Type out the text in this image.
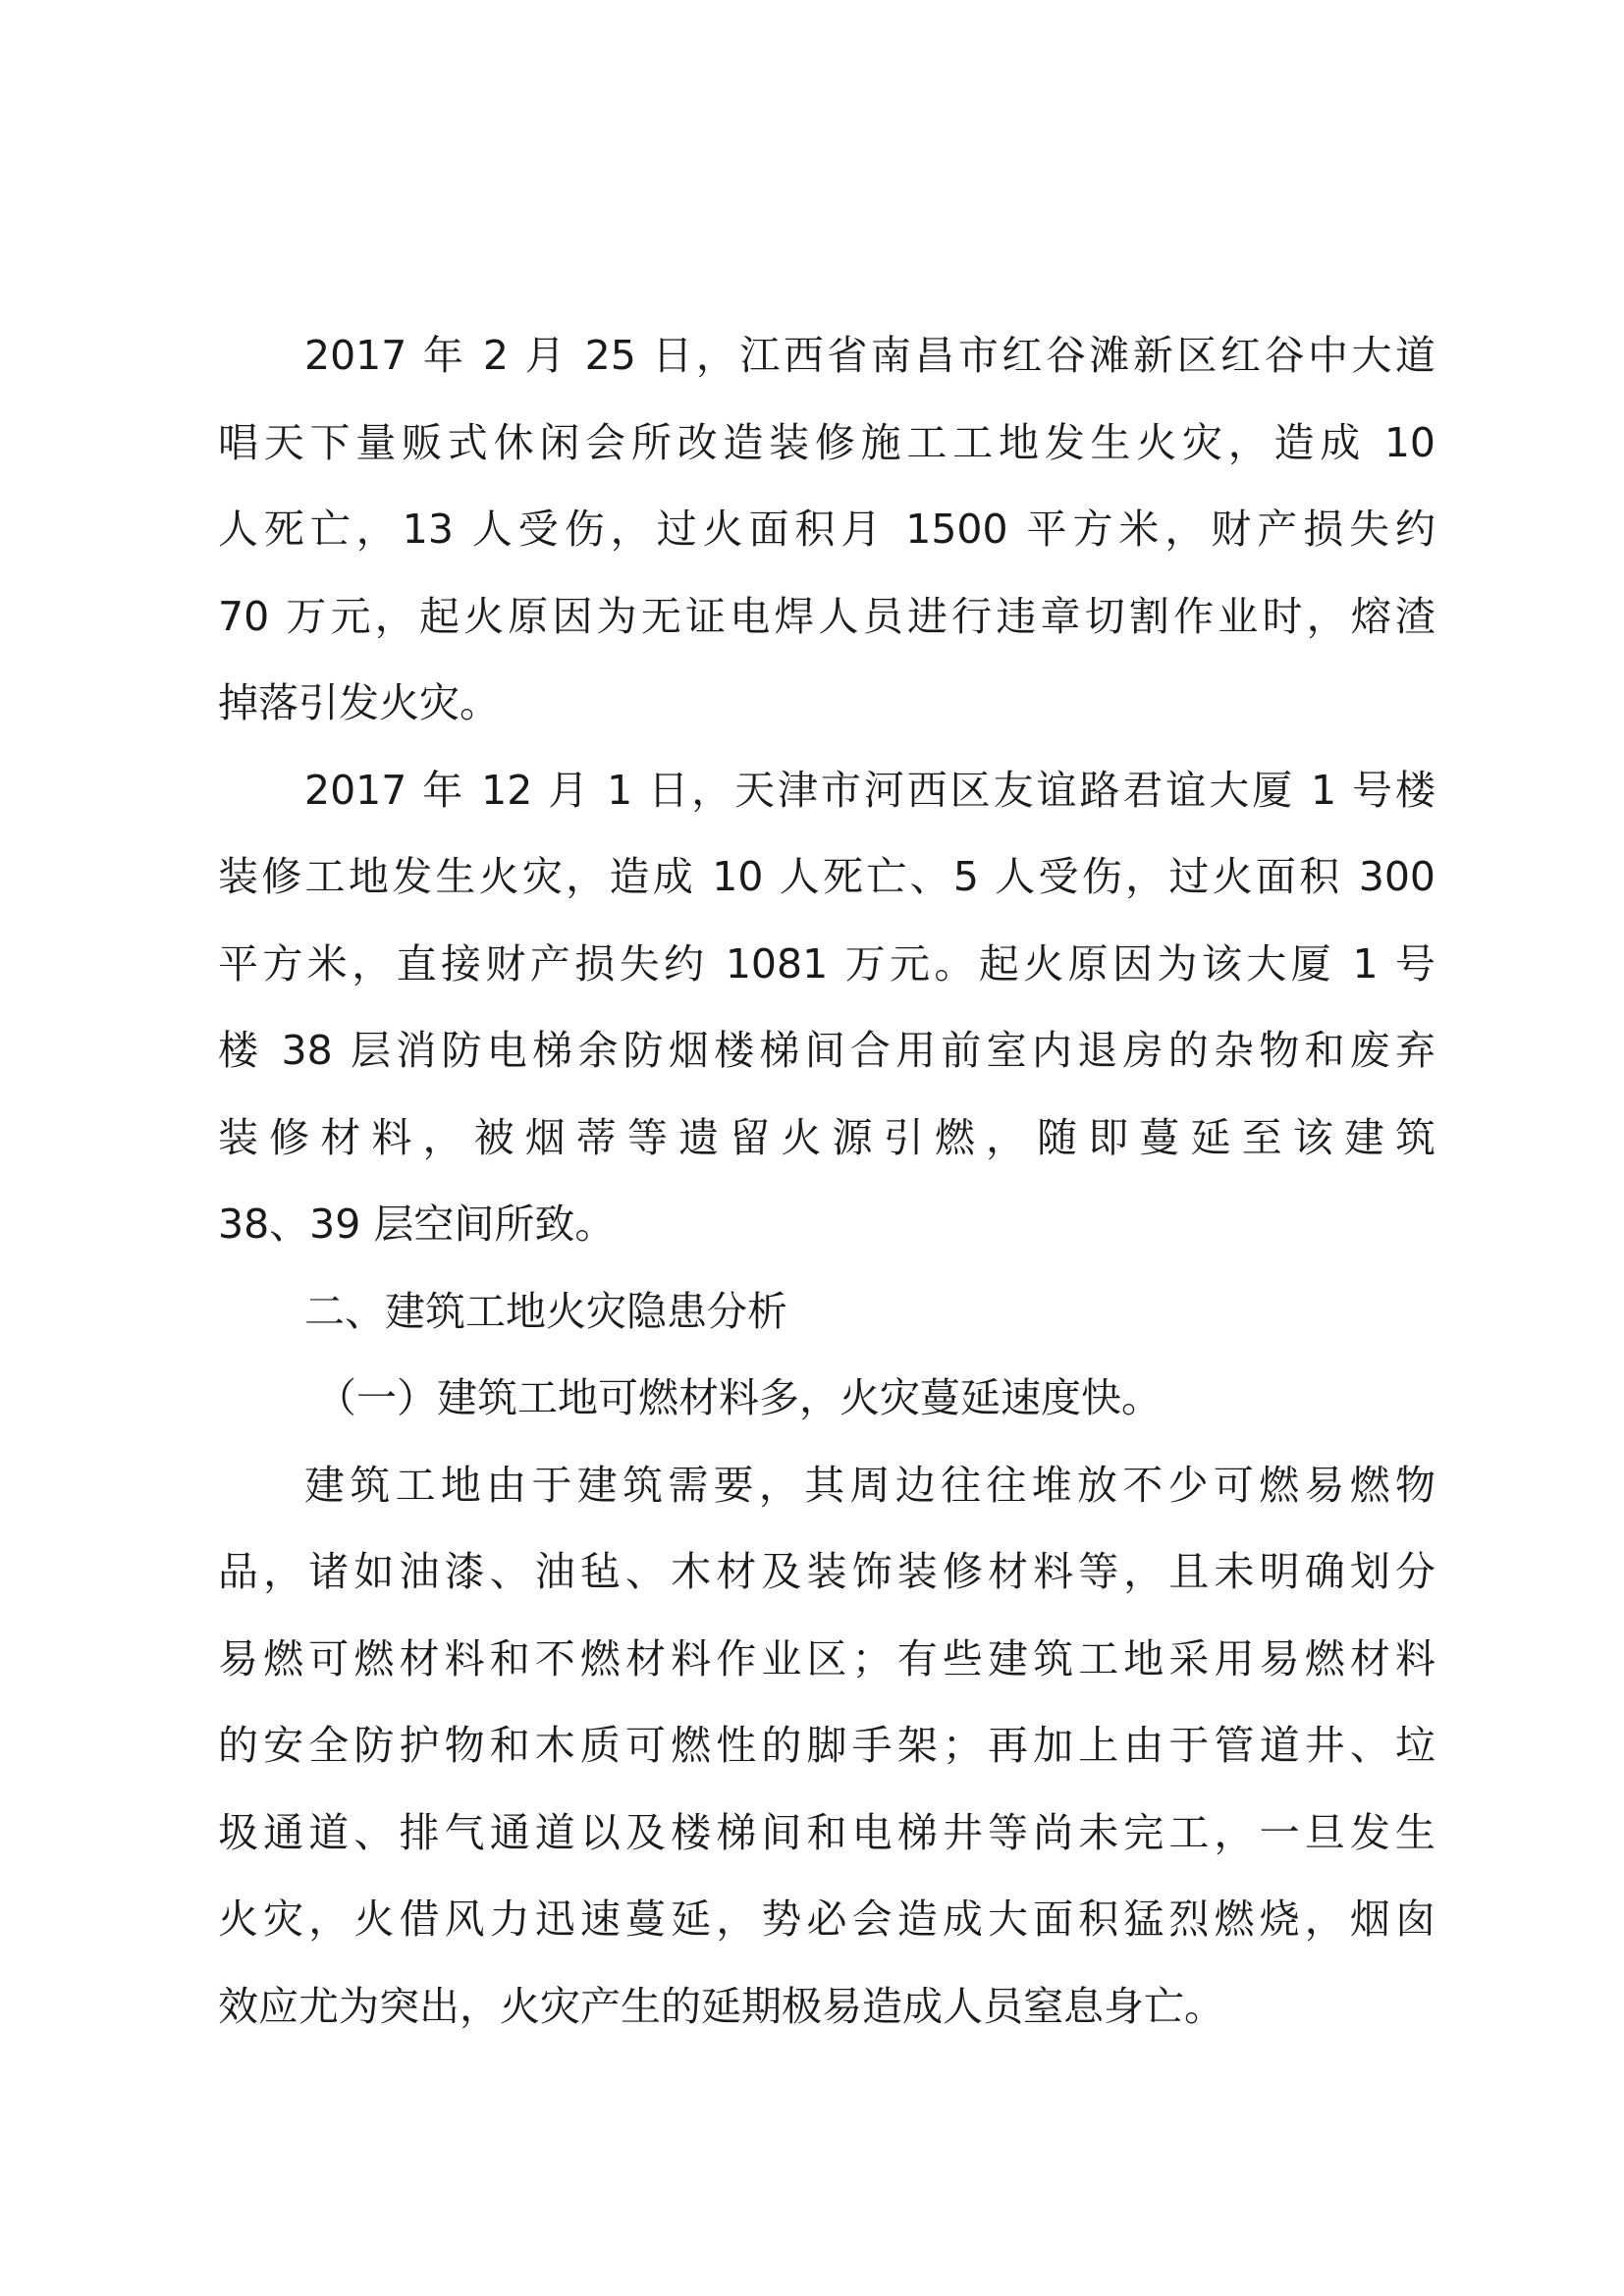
2017 年 2 月 25 日，江西省南昌市红谷滩新区红谷中大道
唱天下量贩式休闲会所改造装修施工工地发生火灾，造成 10
人死亡，13 人受伤，过火面积月 1500 平方米，财产损失约
70 万元，起火原因为无证电焊人员进行违章切割作业时，熔渣
掉落引发火灾。
2017 年 12 月 1 日，天津市河西区友谊路君谊大厦 1 号楼
装修工地发生火灾，造成 10 人死亡、5 人受伤，过火面积 300
平方米，直接财产损失约 1081 万元。起火原因为该大厦 1 号
楼 38 层消防电梯余防烟楼梯间合用前室内退房的杂物和废弃
装修材料，被烟蒂等遗留火源引燃，随即蔓延至该建筑
38、39 层空间所致。
二、建筑工地火灾隐患分析
（一）建筑工地可燃材料多，火灾蔓延速度快。
建筑工地由于建筑需要，其周边往往堆放不少可燃易燃物
品，诸如油漆、油毡、木材及装饰装修材料等，且未明确划分
易燃可燃材料和不燃材料作业区；有些建筑工地采用易燃材料
的安全防护物和木质可燃性的脚手架；再加上由于管道井、垃
圾通道、排气通道以及楼梯间和电梯井等尚未完工，一旦发生
火灾，火借风力迅速蔓延，势必会造成大面积猛烈燃烧，烟囱
效应尤为突出，火灾产生的延期极易造成人员窒息身亡。
